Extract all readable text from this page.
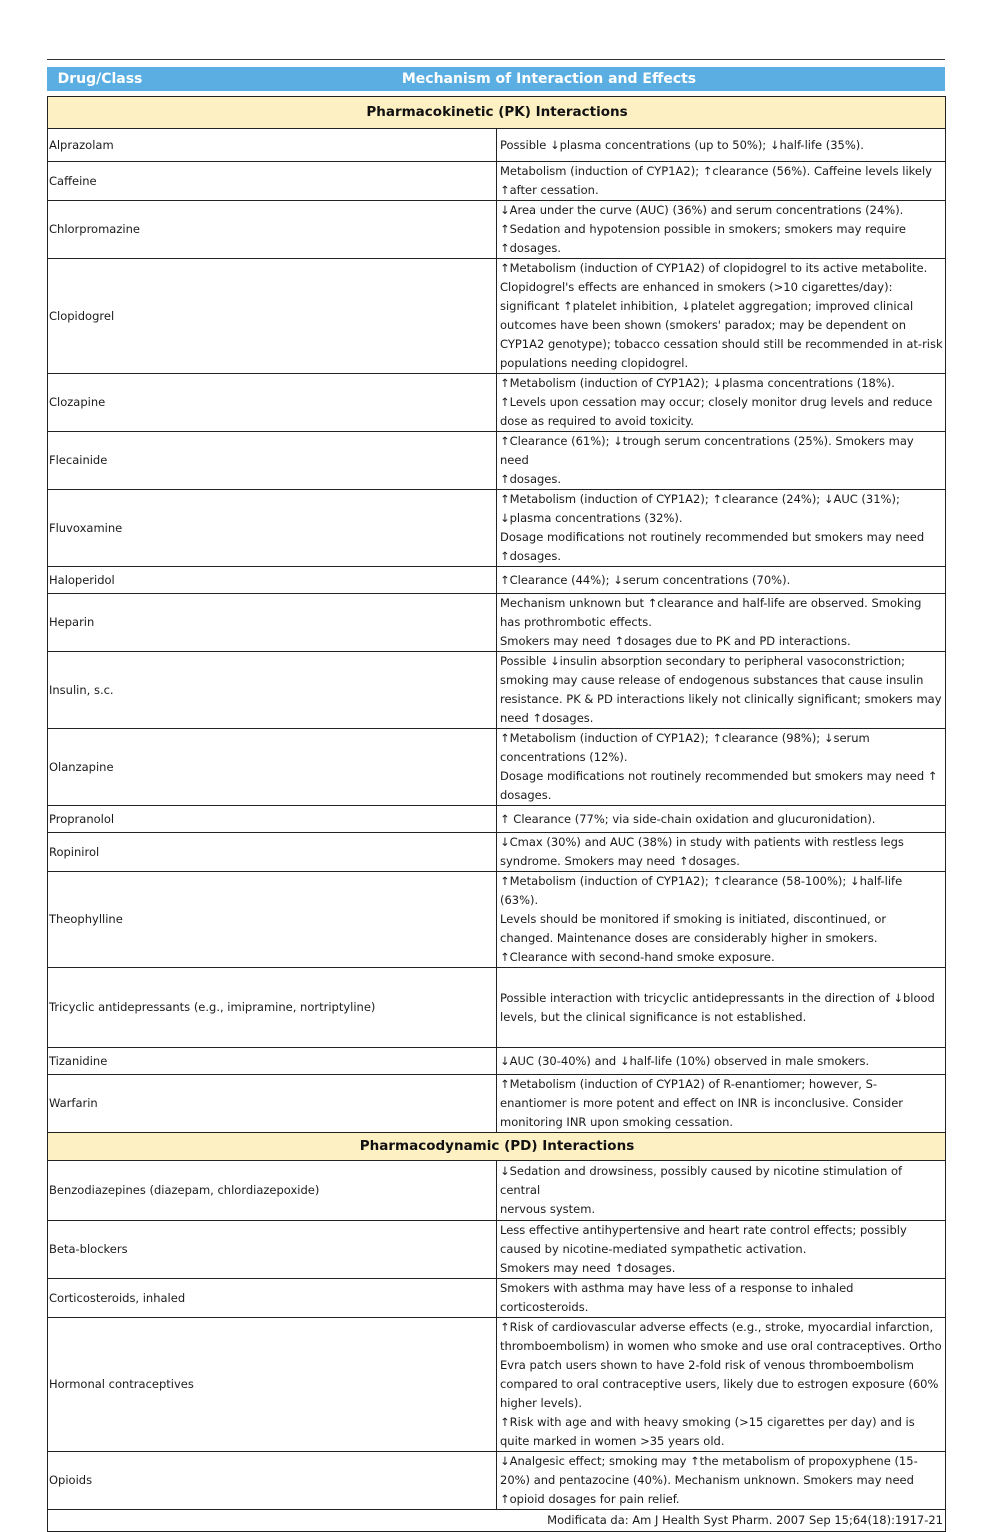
Drug/Class	Mechanism of Interaction and Effects
Pharmacokinetic (PK) Interactions	
Alprazolam	Possible ↓plasma concentrations (up to 50%); ↓half-life (35%).

Caffeine	Metabolism (induction of CYP1A2); ↑clearance (56%). Caffeine levels likely ↑after cessation.

Chlorpromazine	↓Area under the curve (AUC) (36%) and serum concentrations (24%).
↑Sedation and hypotension possible in smokers; smokers may require ↑dosages.

Clopidogrel	↑Metabolism (induction of CYP1A2) of clopidogrel to its active metabolite.
Clopidogrel's effects are enhanced in smokers (>10 cigarettes/day): significant ↑platelet inhibition, ↓platelet aggregation; improved clinical outcomes have been shown (smokers' paradox; may be dependent on CYP1A2 genotype); tobacco cessation should still be recommended in at-risk populations needing clopidogrel.

Clozapine	↑Metabolism (induction of CYP1A2); ↓plasma concentrations (18%).
↑Levels upon cessation may occur; closely monitor drug levels and reduce dose as required to avoid toxicity.

Flecainide	↑Clearance (61%); ↓trough serum concentrations (25%). Smokers may need
↑dosages.

Fluvoxamine	↑Metabolism (induction of CYP1A2); ↑clearance (24%); ↓AUC (31%); ↓plasma concentrations (32%).
Dosage modifications not routinely recommended but smokers may need ↑dosages.

Haloperidol	↑Clearance (44%); ↓serum concentrations (70%).

Heparin	Mechanism unknown but ↑clearance and half-life are observed. Smoking has prothrombotic effects.
Smokers may need ↑dosages due to PK and PD interactions.

Insulin, s.c.	Possible ↓insulin absorption secondary to peripheral vasoconstriction; smoking may cause release of endogenous substances that cause insulin resistance. PK & PD interactions likely not clinically significant; smokers may need ↑dosages.

Olanzapine	↑Metabolism (induction of CYP1A2); ↑clearance (98%); ↓serum concentrations (12%).
Dosage modifications not routinely recommended but smokers may need ↑ dosages.

Propranolol	↑ Clearance (77%; via side-chain oxidation and glucuronidation).

Ropinirol	↓Cmax (30%) and AUC (38%) in study with patients with restless legs syndrome. Smokers may need ↑dosages.

Theophylline	↑Metabolism (induction of CYP1A2); ↑clearance (58-100%); ↓half-life (63%).
Levels should be monitored if smoking is initiated, discontinued, or changed. Maintenance doses are considerably higher in smokers.
↑Clearance with second-hand smoke exposure.

Tricyclic antidepressants (e.g., imipramine, nortriptyline)	Possible interaction with tricyclic antidepressants in the direction of ↓blood levels, but the clinical significance is not established.

Tizanidine	↓AUC (30-40%) and ↓half-life (10%) observed in male smokers.

Warfarin	↑Metabolism (induction of CYP1A2) of R-enantiomer; however, S-enantiomer is more potent and effect on INR is inconclusive. Consider monitoring INR upon smoking cessation.

Pharmacodynamic (PD) Interactions	
Benzodiazepines (diazepam, chlordiazepoxide)	↓Sedation and drowsiness, possibly caused by nicotine stimulation of central
nervous system.

Beta-blockers	Less effective antihypertensive and heart rate control effects; possibly caused by nicotine-mediated sympathetic activation.
Smokers may need ↑dosages.

Corticosteroids, inhaled	Smokers with asthma may have less of a response to inhaled corticosteroids.

Hormonal contraceptives	↑Risk of cardiovascular adverse effects (e.g., stroke, myocardial infarction, thromboembolism) in women who smoke and use oral contraceptives. Ortho Evra patch users shown to have 2-fold risk of venous thromboembolism compared to oral contraceptive users, likely due to estrogen exposure (60% higher levels).
↑Risk with age and with heavy smoking (>15 cigarettes per day) and is quite marked in women >35 years old.

Opioids	↓Analgesic effect; smoking may ↑the metabolism of propoxyphene (15-20%) and pentazocine (40%). Mechanism unknown. Smokers may need ↑opioid dosages for pain relief.

Modificata da: Am J Health Syst Pharm. 2007 Sep 15;64(18):1917-21	
